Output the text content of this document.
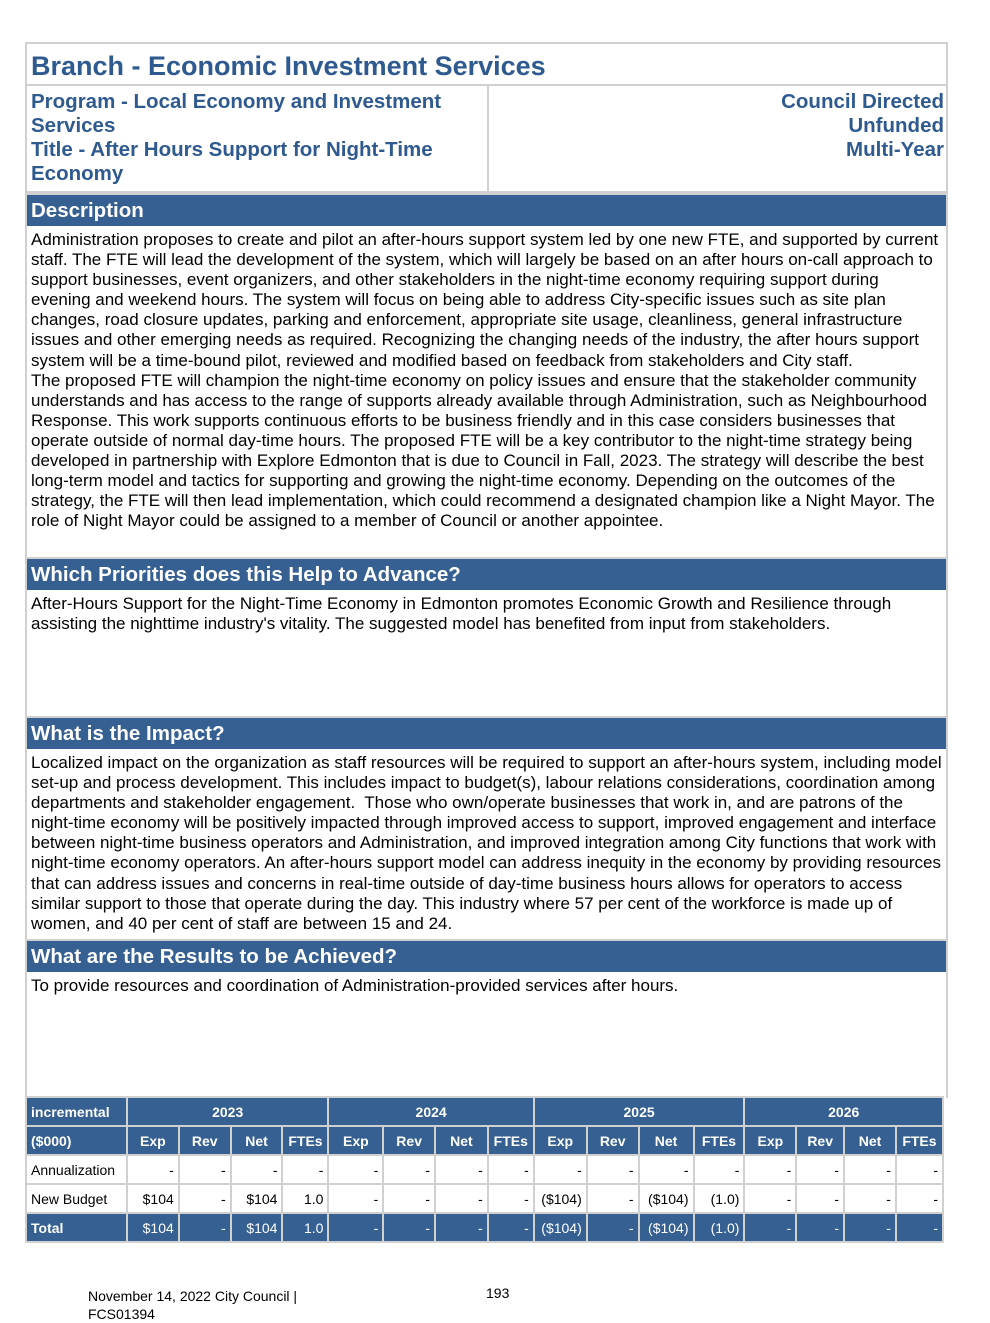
Branch - Economic Investment Services
Program - Local Economy and Investment Services
Title - After Hours Support for Night-Time Economy
Council Directed
Unfunded
Multi-Year
Description
Administration proposes to create and pilot an after-hours support system led by one new FTE, and supported by current staff. The FTE will lead the development of the system, which will largely be based on an after hours on-call approach to support businesses, event organizers, and other stakeholders in the night-time economy requiring support during evening and weekend hours. The system will focus on being able to address City-specific issues such as site plan changes, road closure updates, parking and enforcement, appropriate site usage, cleanliness, general infrastructure issues and other emerging needs as required. Recognizing the changing needs of the industry, the after hours support system will be a time-bound pilot, reviewed and modified based on feedback from stakeholders and City staff.
The proposed FTE will champion the night-time economy on policy issues and ensure that the stakeholder community understands and has access to the range of supports already available through Administration, such as Neighbourhood Response. This work supports continuous efforts to be business friendly and in this case considers businesses that operate outside of normal day-time hours. The proposed FTE will be a key contributor to the night-time strategy being developed in partnership with Explore Edmonton that is due to Council in Fall, 2023. The strategy will describe the best long-term model and tactics for supporting and growing the night-time economy. Depending on the outcomes of the strategy, the FTE will then lead implementation, which could recommend a designated champion like a Night Mayor. The role of Night Mayor could be assigned to a member of Council or another appointee.
Which Priorities does this Help to Advance?
After-Hours Support for the Night-Time Economy in Edmonton promotes Economic Growth and Resilience through assisting the nighttime industry's vitality. The suggested model has benefited from input from stakeholders.
What is the Impact?
Localized impact on the organization as staff resources will be required to support an after-hours system, including model set-up and process development. This includes impact to budget(s), labour relations considerations, coordination among departments and stakeholder engagement.  Those who own/operate businesses that work in, and are patrons of the night-time economy will be positively impacted through improved access to support, improved engagement and interface between night-time business operators and Administration, and improved integration among City functions that work with night-time economy operators. An after-hours support model can address inequity in the economy by providing resources that can address issues and concerns in real-time outside of day-time business hours allows for operators to access similar support to those that operate during the day. This industry where 57 per cent of the workforce is made up of women, and 40 per cent of staff are between 15 and 24.
What are the Results to be Achieved?
To provide resources and coordination of Administration-provided services after hours.
incremental	2023				2024				2025				2026			
($000)	Exp	Rev	Net	FTEs	Exp	Rev	Net	FTEs	Exp	Rev	Net	FTEs	Exp	Rev	Net	FTEs
Annualization	-	-	-	-	-	-	-	-	-	-	-	-	-	-	-	-
New Budget	$104	-	$104	1.0	-	-	-	-	($104)	-	($104)	(1.0)	-	-	-	-
Total	$104	-	$104	1.0	-	-	-	-	($104)	-	($104)	(1.0)	-	-	-	-
November 14, 2022 City Council | FCS01394
193
